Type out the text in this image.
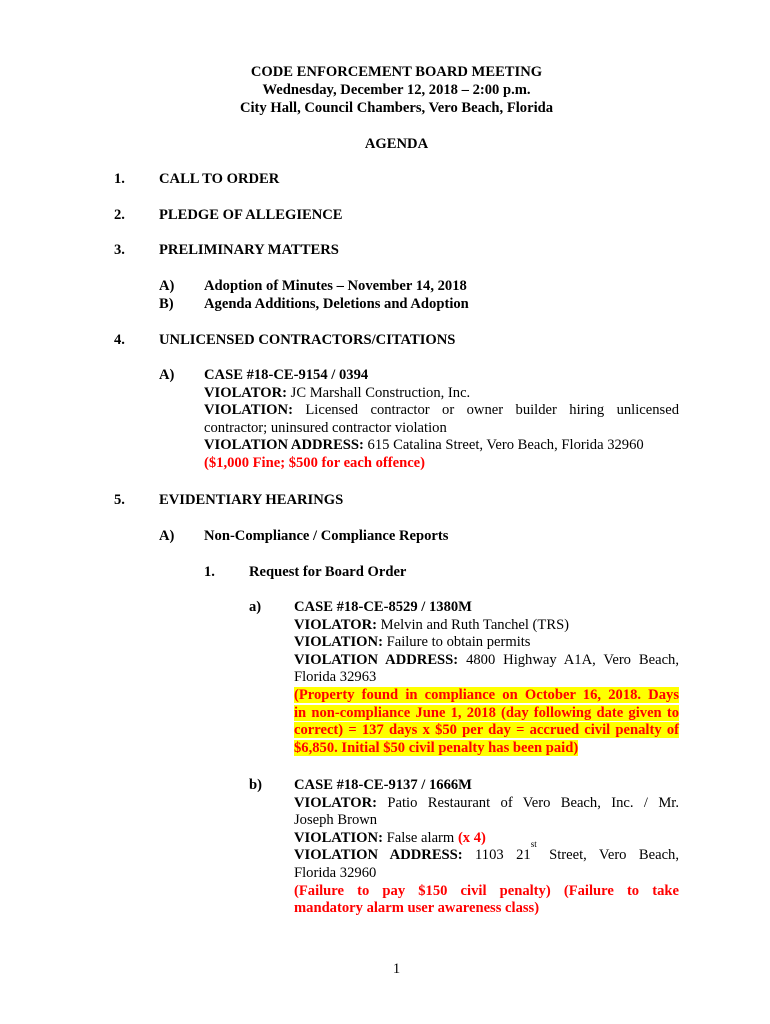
CODE ENFORCEMENT BOARD MEETING
Wednesday, December 12, 2018 – 2:00 p.m.
City Hall, Council Chambers, Vero Beach, Florida
AGENDA
1. CALL TO ORDER
2. PLEDGE OF ALLEGIENCE
3. PRELIMINARY MATTERS
A) Adoption of Minutes – November 14, 2018
B) Agenda Additions, Deletions and Adoption
4. UNLICENSED CONTRACTORS/CITATIONS
A) CASE #18-CE-9154 / 0394
VIOLATOR: JC Marshall Construction, Inc.
VIOLATION: Licensed contractor or owner builder hiring unlicensed
contractor; uninsured contractor violation
VIOLATION ADDRESS: 615 Catalina Street, Vero Beach, Florida 32960
($1,000 Fine; $500 for each offence)
5. EVIDENTIARY HEARINGS
A) Non-Compliance / Compliance Reports
1. Request for Board Order
a) CASE #18-CE-8529 / 1380M
VIOLATOR: Melvin and Ruth Tanchel (TRS)
VIOLATION: Failure to obtain permits
VIOLATION ADDRESS: 4800 Highway A1A, Vero Beach,
Florida 32963
(Property found in compliance on October 16, 2018. Days
in non-compliance June 1, 2018 (day following date given to
correct) = 137 days x $50 per day = accrued civil penalty of
$6,850. Initial $50 civil penalty has been paid)
b) CASE #18-CE-9137 / 1666M
VIOLATOR: Patio Restaurant of Vero Beach, Inc. / Mr.
Joseph Brown
VIOLATION: False alarm (x 4)
VIOLATION ADDRESS: 1103 21st Street, Vero Beach,
Florida 32960
(Failure to pay $150 civil penalty) (Failure to take
mandatory alarm user awareness class)
1
